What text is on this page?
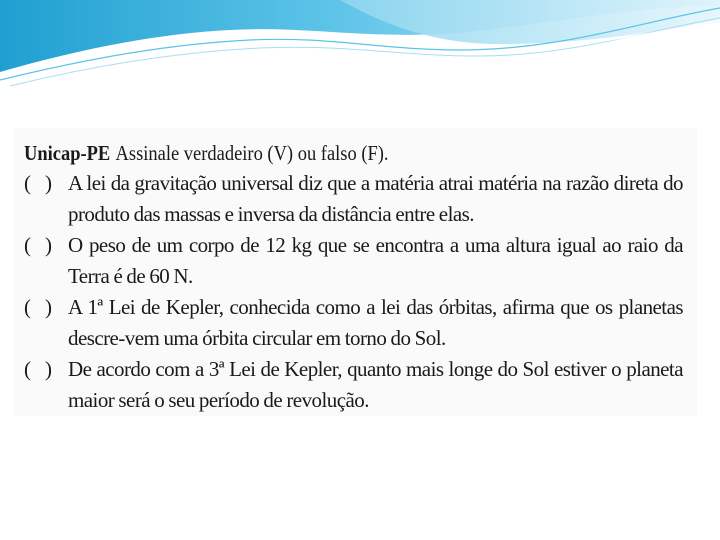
Unicap-PE Assinale verdadeiro (V) ou falso (F).
( ) A lei da gravitação universal diz que a matéria atrai matéria na razão direta do produto das massas e inversa da distância entre elas.
( ) O peso de um corpo de 12 kg que se encontra a uma altura igual ao raio da Terra é de 60 N.
( ) A 1ª Lei de Kepler, conhecida como a lei das órbitas, afirma que os planetas descre-vem uma órbita circular em torno do Sol.
( ) De acordo com a 3ª Lei de Kepler, quanto mais longe do Sol estiver o planeta maior será o seu período de revolução.
